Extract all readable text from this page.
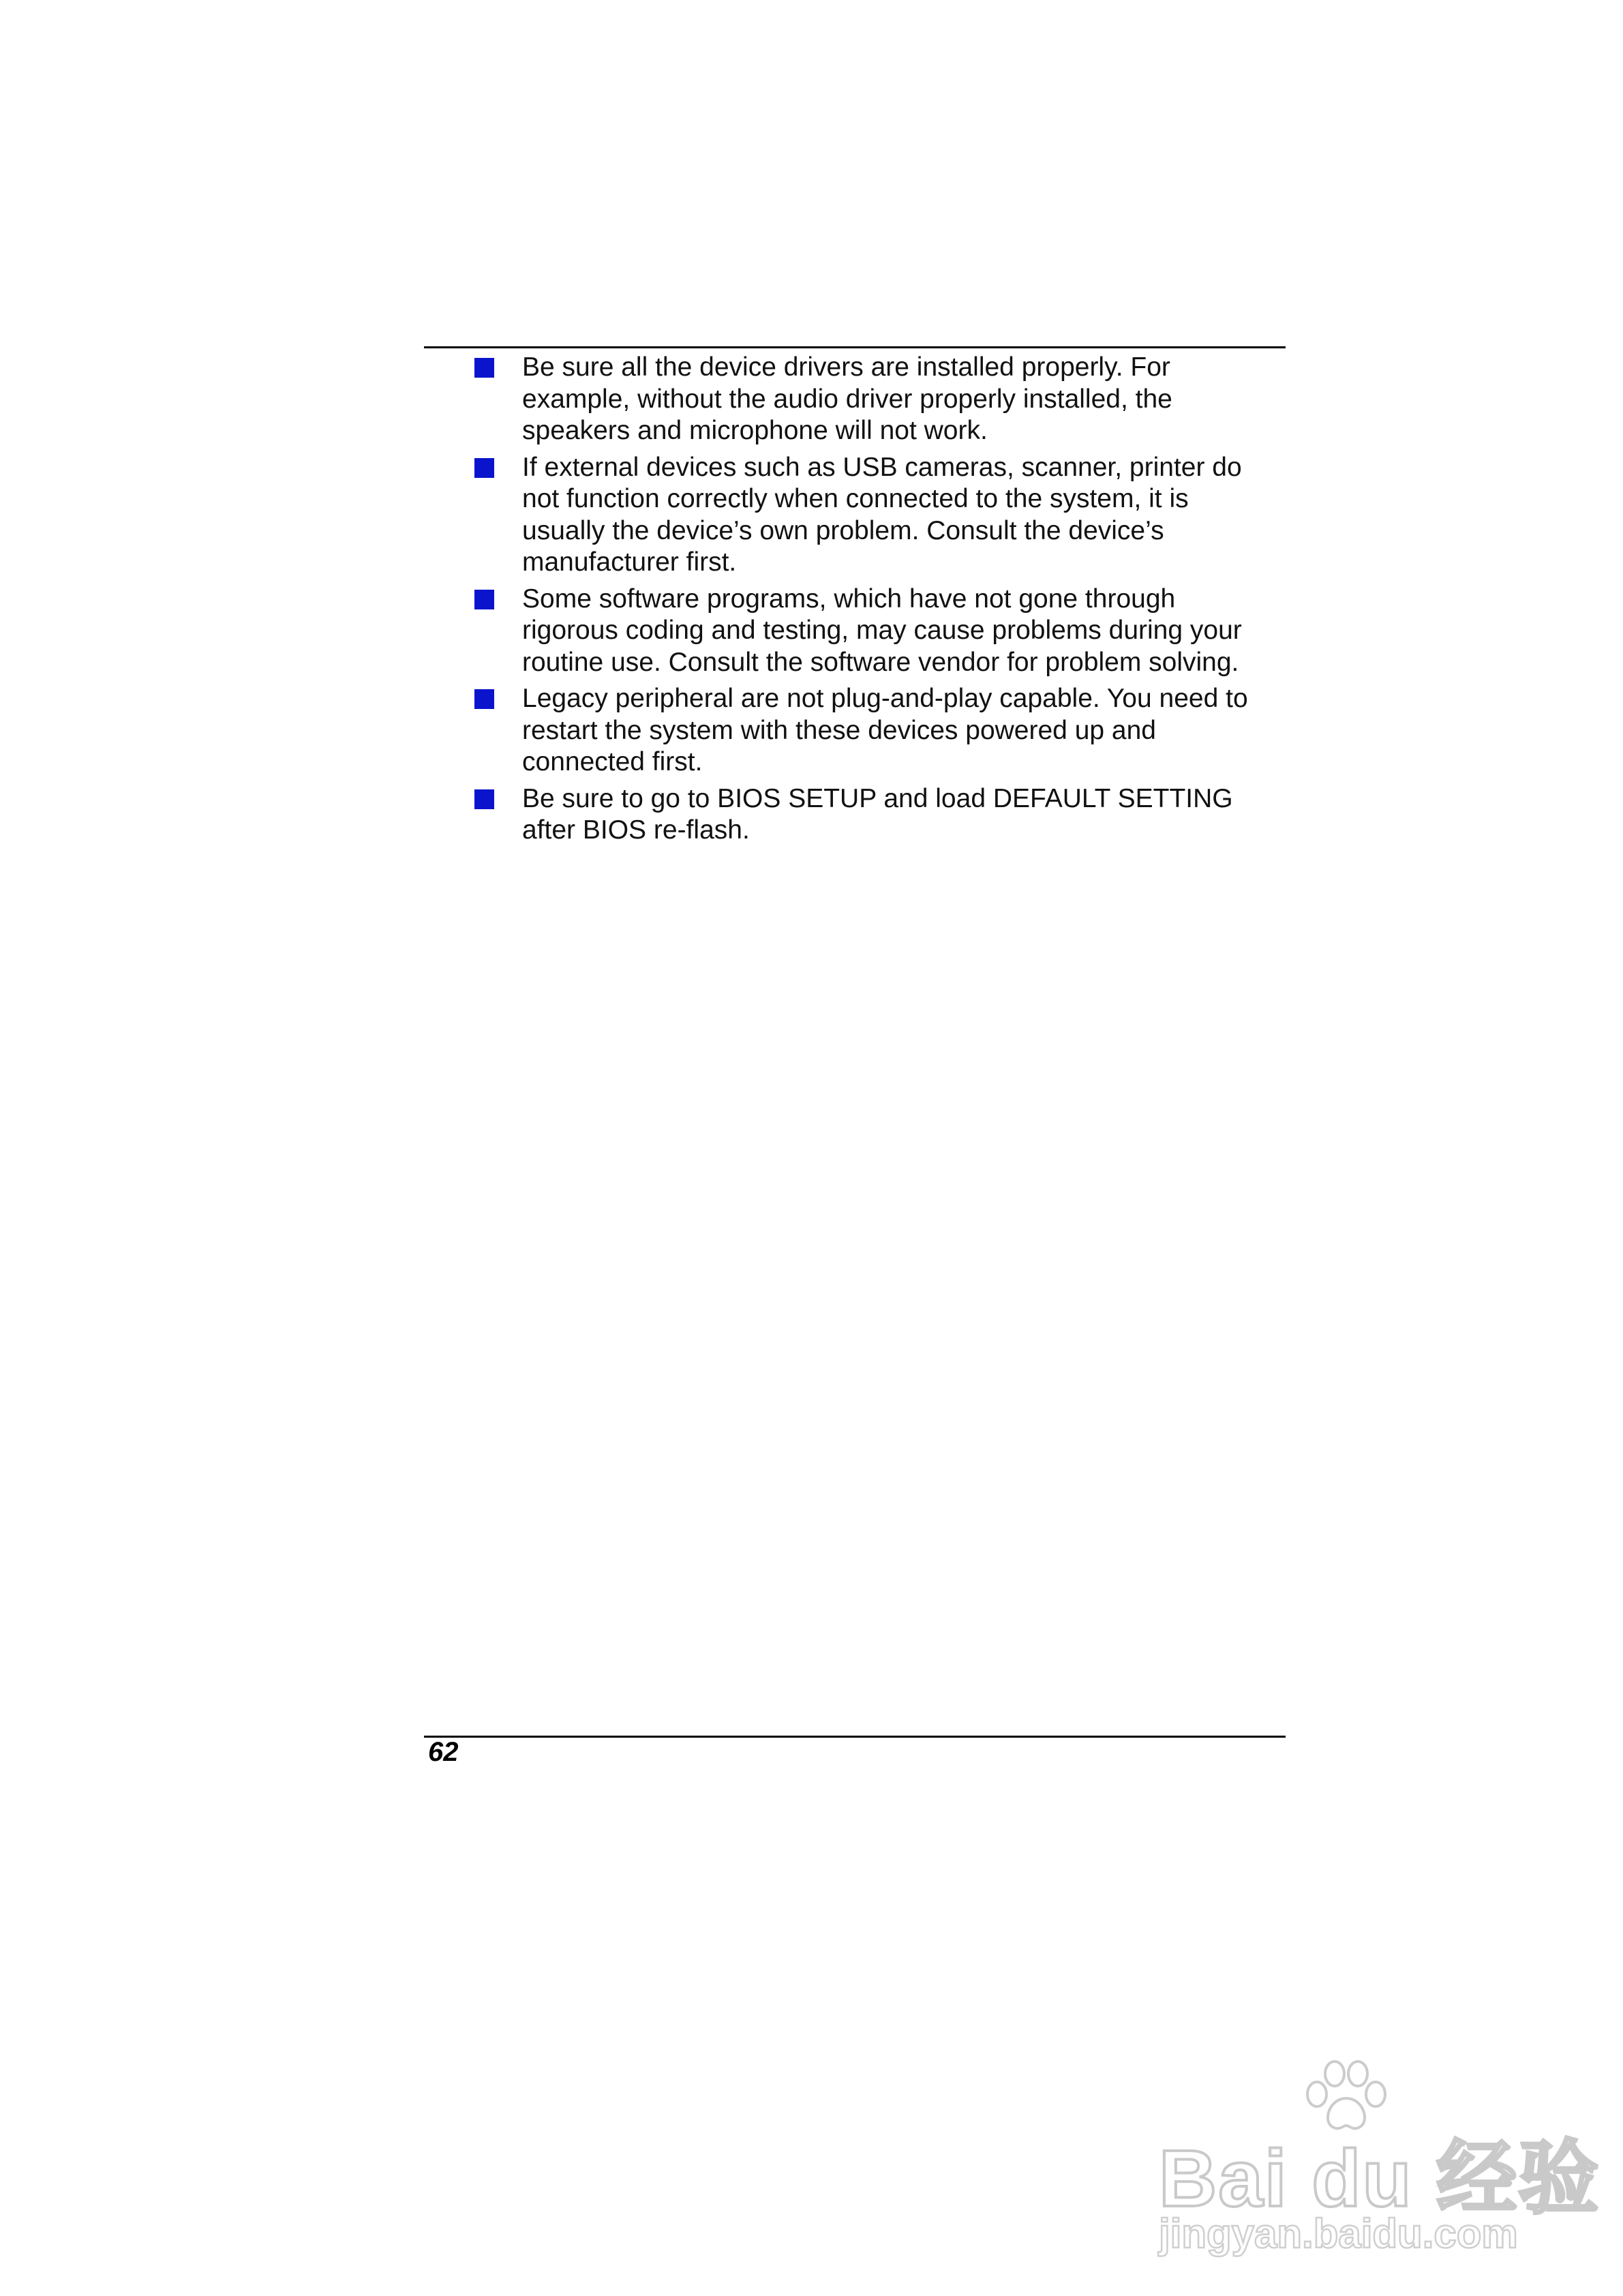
Be sure all the device drivers are installed properly. For
example, without the audio driver properly installed, the
speakers and microphone will not work.
If external devices such as USB cameras, scanner, printer do
not function correctly when connected to the system, it is
usually the device’s own problem. Consult the device’s
manufacturer first.
Some software programs, which have not gone through
rigorous coding and testing, may cause problems during your
routine use. Consult the software vendor for problem solving.
Legacy peripheral are not plug-and-play capable. You need to
restart the system with these devices powered up and
connected first.
Be sure to go to BIOS SETUP and load DEFAULT SETTING
after BIOS re-flash.
62
Bai du 经验
jingyan.baidu.com
